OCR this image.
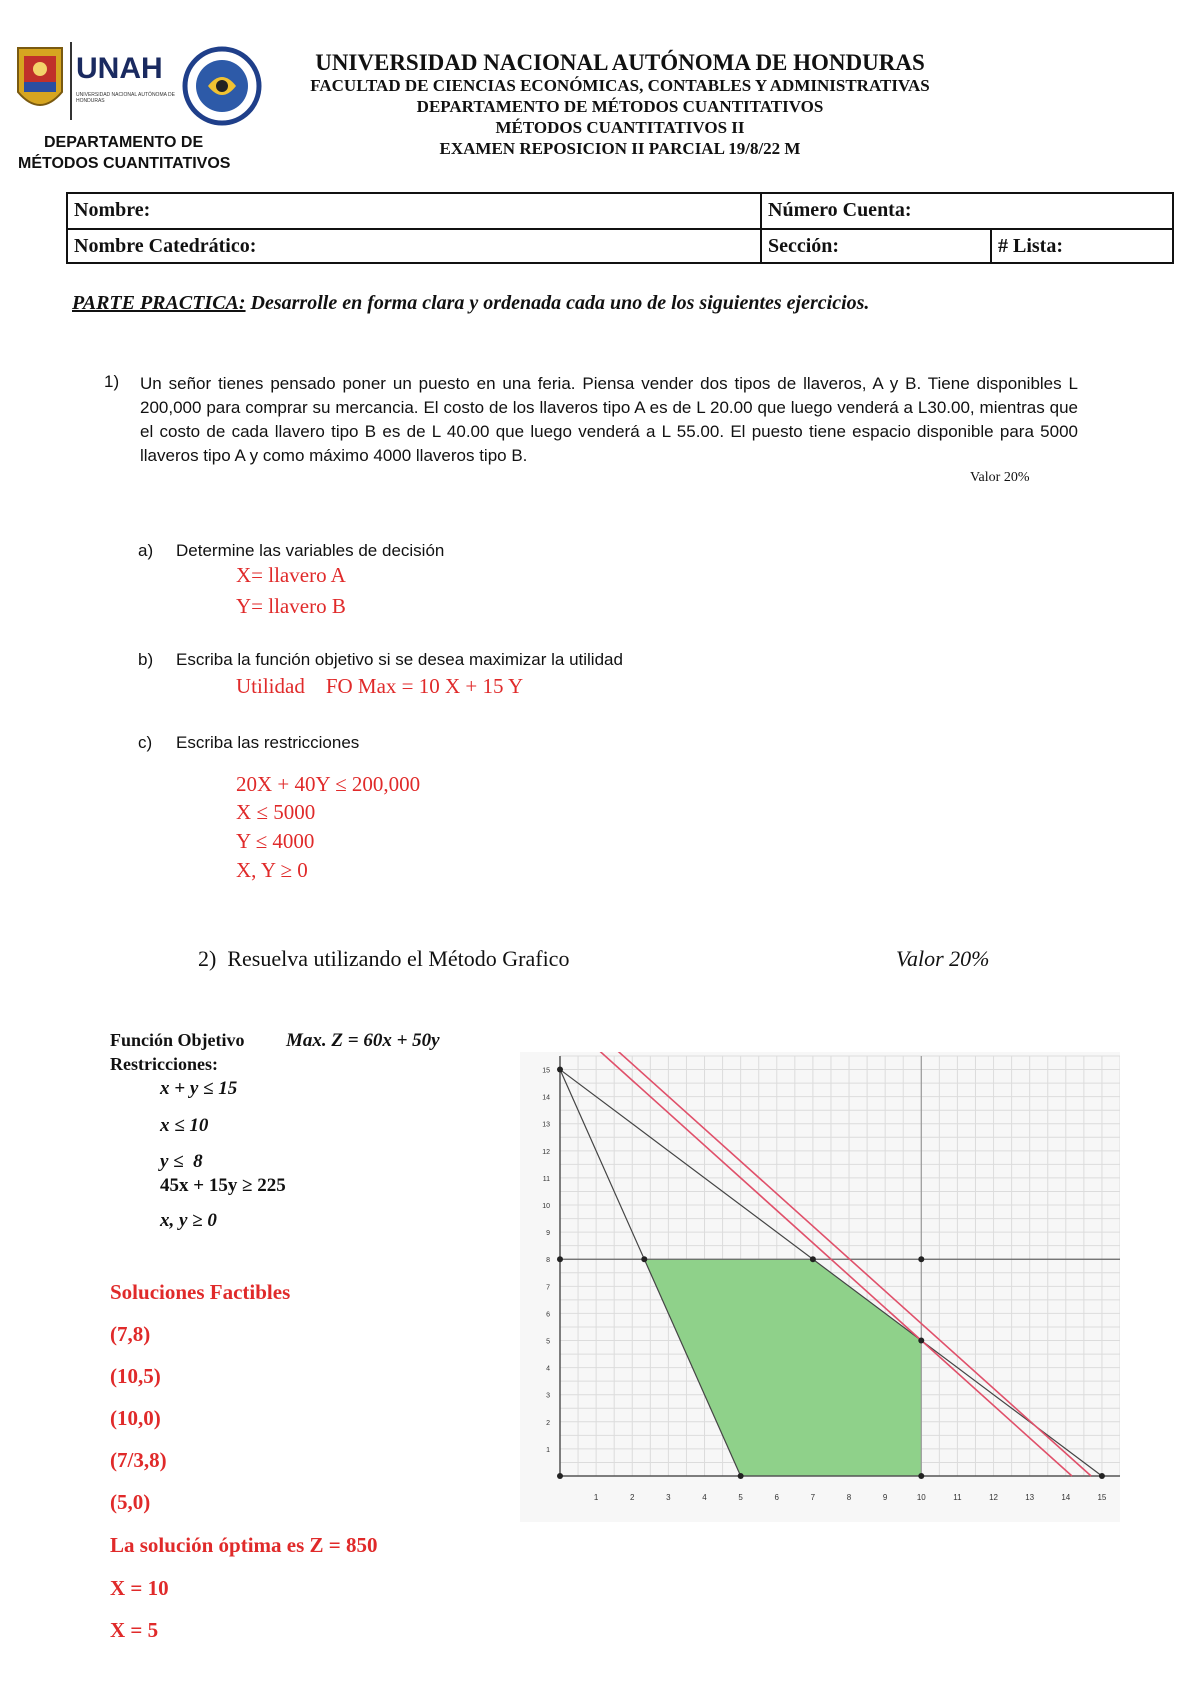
UNAH
UNIVERSIDAD NACIONAL AUTÓNOMA DE HONDURAS
DEPARTAMENTO DE
MÉTODOS CUANTITATIVOS
UNIVERSIDAD NACIONAL AUTÓNOMA DE HONDURAS
FACULTAD DE CIENCIAS ECONÓMICAS, CONTABLES Y ADMINISTRATIVAS
DEPARTAMENTO DE MÉTODOS CUANTITATIVOS
MÉTODOS CUANTITATIVOS II
EXAMEN REPOSICION II PARCIAL 19/8/22 M
Nombre:	Número Cuenta:
Nombre Catedrático:	Sección:	# Lista:
PARTE PRACTICA: Desarrolle en forma clara y ordenada cada uno de los siguientes ejercicios.
1) Un señor tienes pensado poner un puesto en una feria. Piensa vender dos tipos de llaveros, A y B. Tiene disponibles L 200,000 para comprar su mercancia. El costo de los llaveros tipo A es de L 20.00 que luego venderá a L30.00, mientras que el costo de cada llavero tipo B es de L 40.00 que luego venderá a L 55.00. El puesto tiene espacio disponible para 5000 llaveros tipo A y como máximo 4000 llaveros tipo B.
Valor 20%
a) Determine las variables de decisión
X= llavero A
Y= llavero B
b) Escriba la función objetivo si se desea maximizar la utilidad
Utilidad    FO Max = 10 X + 15 Y
c) Escriba las restricciones
20X + 40Y ≤ 200,000
X ≤ 5000
Y ≤ 4000
X, Y ≥ 0
2)  Resuelva utilizando el Método Grafico	Valor 20%
Función Objetivo Max. Z = 60x + 50y
Restricciones:
x + y ≤ 15
x ≤ 10
y ≤  8
45x + 15y ≥ 225
x, y ≥ 0
Soluciones Factibles
(7,8)
(10,5)
(10,0)
(7/3,8)
(5,0)
La solución óptima es Z = 850
X = 10
X = 5
1	2	3	4	5	6	7	8	9	10	11	12	13	14	15
1
2
3
4
5
6
7
8
9
10
11
12
13
14
15
